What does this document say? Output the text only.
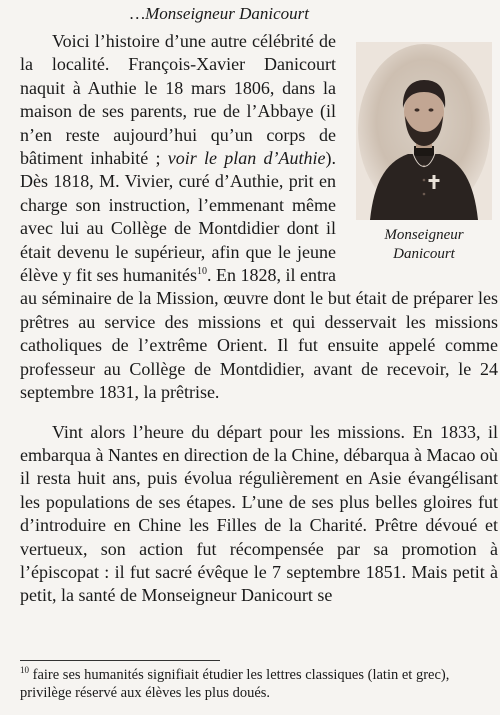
…Monseigneur Danicourt
Monseigneur
Danicourt

Voici l’histoire d’une autre célébrité de la localité. François-Xavier Danicourt naquit à Authie le 18 mars 1806, dans la maison de ses parents, rue de l’Abbaye (il n’en reste aujourd’hui qu’un corps de bâtiment inhabité ; voir le plan d’Authie). Dès 1818, M. Vivier, curé d’Authie, prit en charge son instruction, l’emmenant même avec lui au Collège de Montdidier dont il était devenu le supérieur, afin que le jeune élève y fit ses humanités$^{10}$. En 1828, il entra au séminaire de la Mission, œuvre dont le but était de préparer les prêtres au service des missions et qui desservait les missions catholiques de l’extrême Orient. Il fut ensuite appelé comme professeur au Collège de Montdidier, avant de recevoir, le 24 septembre 1831, la prêtrise.

Vint alors l’heure du départ pour les missions. En 1833, il embarqua à Nantes en direction de la Chine, débarqua à Macao où il resta huit ans, puis évolua régulièrement en Asie évangélisant les populations de ses étapes. L’une de ses plus belles gloires fut d’introduire en Chine les Filles de la Charité. Prêtre dévoué et vertueux, son action fut récompensée par sa promotion à l’épiscopat : il fut sacré évêque le 7 septembre 1851. Mais petit à petit, la santé de Monseigneur Danicourt se

$^{10}$ faire ses humanités signifiait étudier les lettres classiques (latin et grec), privilège réservé aux élèves les plus doués.
